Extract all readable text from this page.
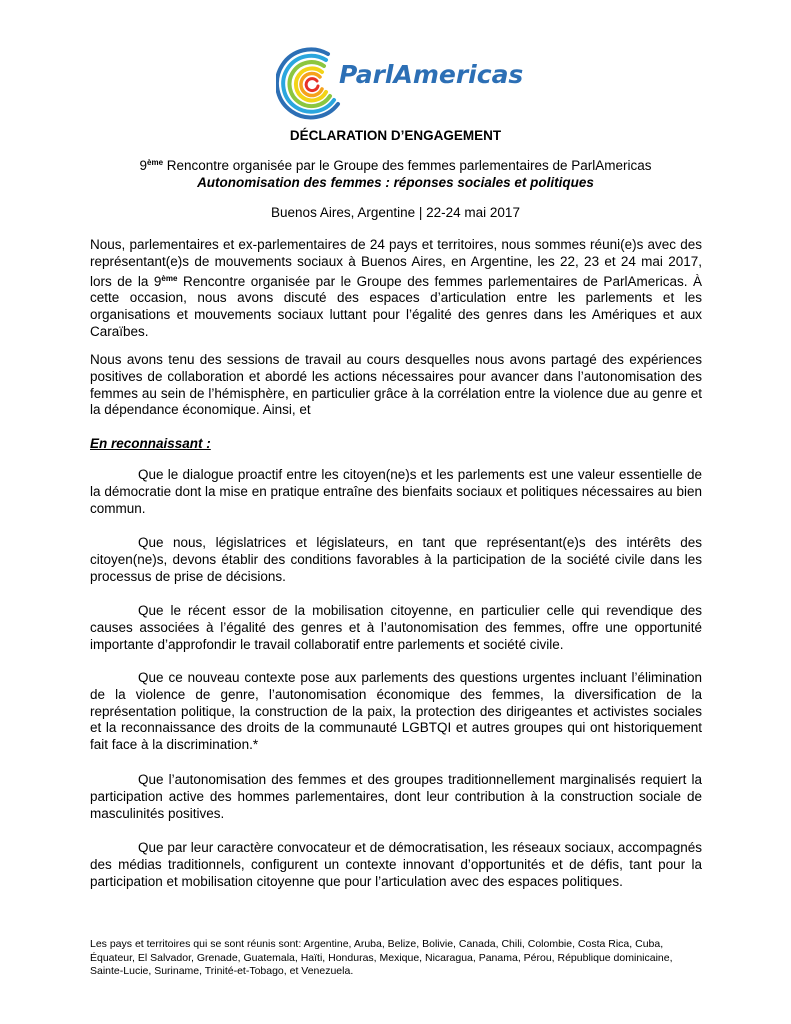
ParlAmericas
DÉCLARATION D’ENGAGEMENT
9ème Rencontre organisée par le Groupe des femmes parlementaires de ParlAmericas
Autonomisation des femmes : réponses sociales et politiques
Buenos Aires, Argentine | 22-24 mai 2017

Nous, parlementaires et ex-parlementaires de 24 pays et territoires, nous sommes réuni(e)s avec des représentant(e)s de mouvements sociaux à Buenos Aires, en Argentine, les 22, 23 et 24 mai 2017, lors de la 9ème Rencontre organisée par le Groupe des femmes parlementaires de ParlAmericas. À cette occasion, nous avons discuté des espaces d’articulation entre les parlements et les organisations et mouvements sociaux luttant pour l’égalité des genres dans les Amériques et aux Caraïbes.

Nous avons tenu des sessions de travail au cours desquelles nous avons partagé des expériences positives de collaboration et abordé les actions nécessaires pour avancer dans l’autonomisation des femmes au sein de l’hémisphère, en particulier grâce à la corrélation entre la violence due au genre et la dépendance économique. Ainsi, et

En reconnaissant :

Que le dialogue proactif entre les citoyen(ne)s et les parlements est une valeur essentielle de la démocratie dont la mise en pratique entraîne des bienfaits sociaux et politiques nécessaires au bien commun.

Que nous, législatrices et législateurs, en tant que représentant(e)s des intérêts des citoyen(ne)s, devons établir des conditions favorables à la participation de la société civile dans les processus de prise de décisions.

Que le récent essor de la mobilisation citoyenne, en particulier celle qui revendique des causes associées à l’égalité des genres et à l’autonomisation des femmes, offre une opportunité importante d’approfondir le travail collaboratif entre parlements et société civile.

Que ce nouveau contexte pose aux parlements des questions urgentes incluant l’élimination de la violence de genre, l’autonomisation économique des femmes, la diversification de la représentation politique, la construction de la paix, la protection des dirigeantes et activistes sociales et la reconnaissance des droits de la communauté LGBTQI et autres groupes qui ont historiquement fait face à la discrimination.*

Que l’autonomisation des femmes et des groupes traditionnellement marginalisés requiert la participation active des hommes parlementaires, dont leur contribution à la construction sociale de masculinités positives.

Que par leur caractère convocateur et de démocratisation, les réseaux sociaux, accompagnés des médias traditionnels, configurent un contexte innovant d’opportunités et de défis, tant pour la participation et mobilisation citoyenne que pour l’articulation avec des espaces politiques.

Les pays et territoires qui se sont réunis sont: Argentine, Aruba, Belize, Bolivie, Canada, Chili, Colombie, Costa Rica, Cuba, Équateur, El Salvador, Grenade, Guatemala, Haïti, Honduras, Mexique, Nicaragua, Panama, Pérou, République dominicaine, Sainte-Lucie, Suriname, Trinité-et-Tobago, et Venezuela.
